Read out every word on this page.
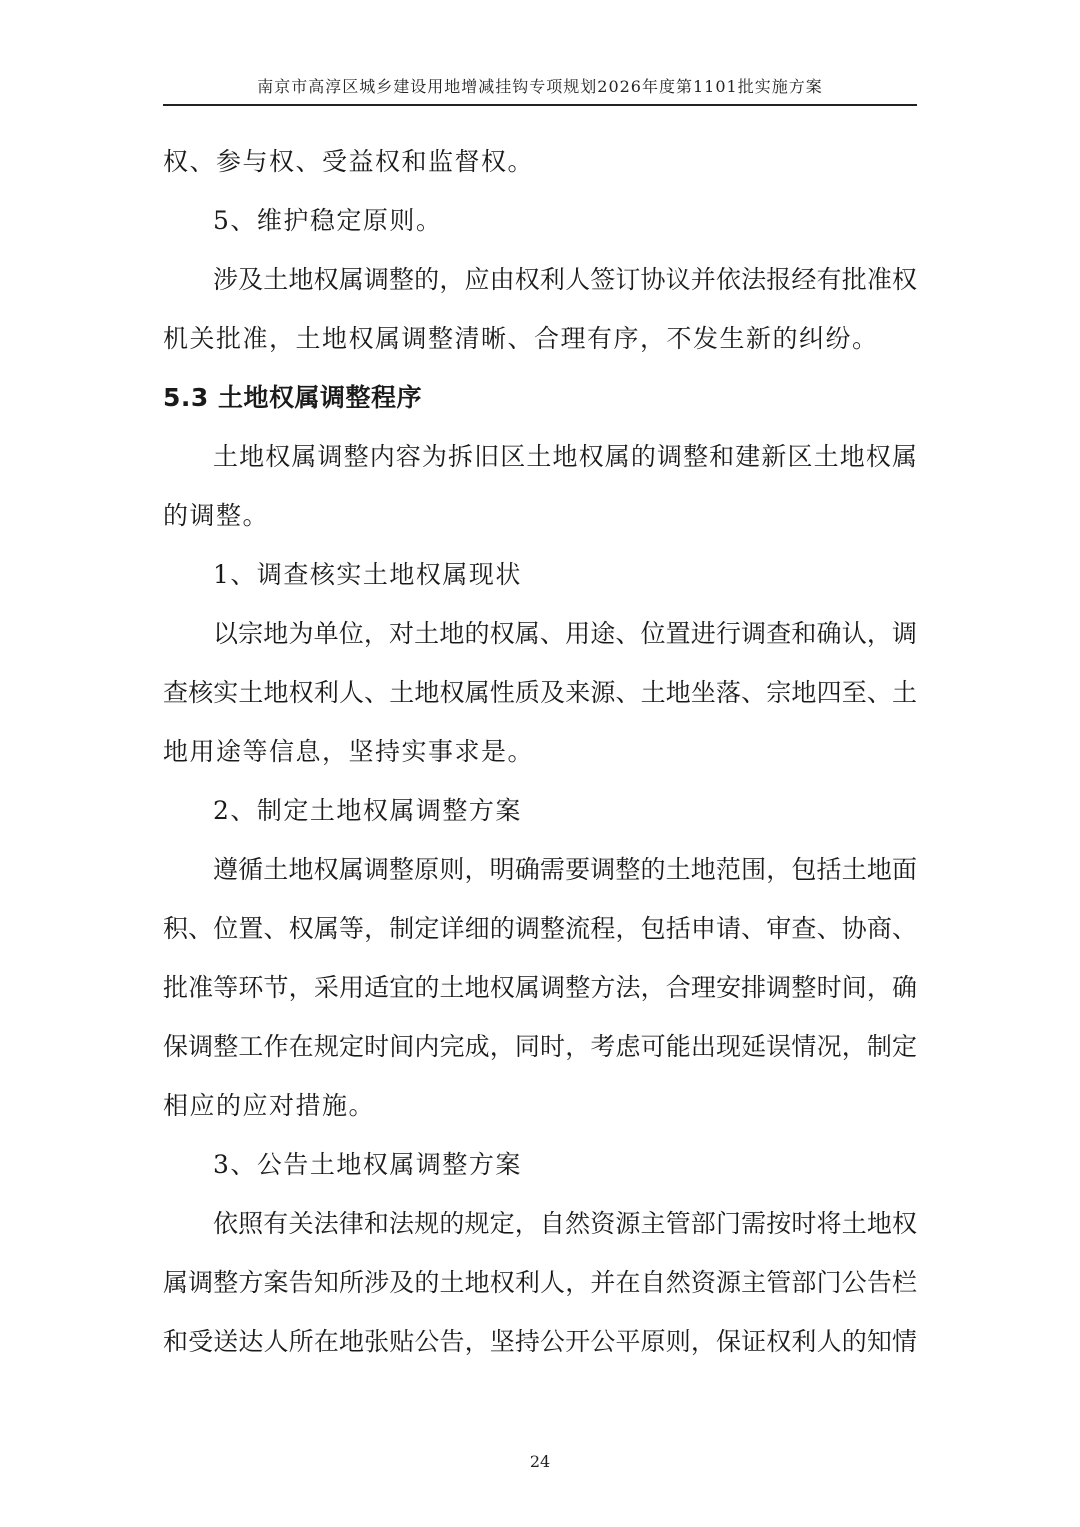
南京市高淳区城乡建设用地增减挂钩专项规划2026年度第1101批实施方案
权、参与权、受益权和监督权。
5、维护稳定原则。
涉及土地权属调整的，应由权利人签订协议并依法报经有批准权
机关批准，土地权属调整清晰、合理有序，不发生新的纠纷。
5.3 土地权属调整程序
土地权属调整内容为拆旧区土地权属的调整和建新区土地权属
的调整。
1、调查核实土地权属现状
以宗地为单位，对土地的权属、用途、位置进行调查和确认，调
查核实土地权利人、土地权属性质及来源、土地坐落、宗地四至、土
地用途等信息，坚持实事求是。
2、制定土地权属调整方案
遵循土地权属调整原则，明确需要调整的土地范围，包括土地面
积、位置、权属等，制定详细的调整流程，包括申请、审查、协商、
批准等环节，采用适宜的土地权属调整方法，合理安排调整时间，确
保调整工作在规定时间内完成，同时，考虑可能出现延误情况，制定
相应的应对措施。
3、公告土地权属调整方案
依照有关法律和法规的规定，自然资源主管部门需按时将土地权
属调整方案告知所涉及的土地权利人，并在自然资源主管部门公告栏
和受送达人所在地张贴公告，坚持公开公平原则，保证权利人的知情
24
